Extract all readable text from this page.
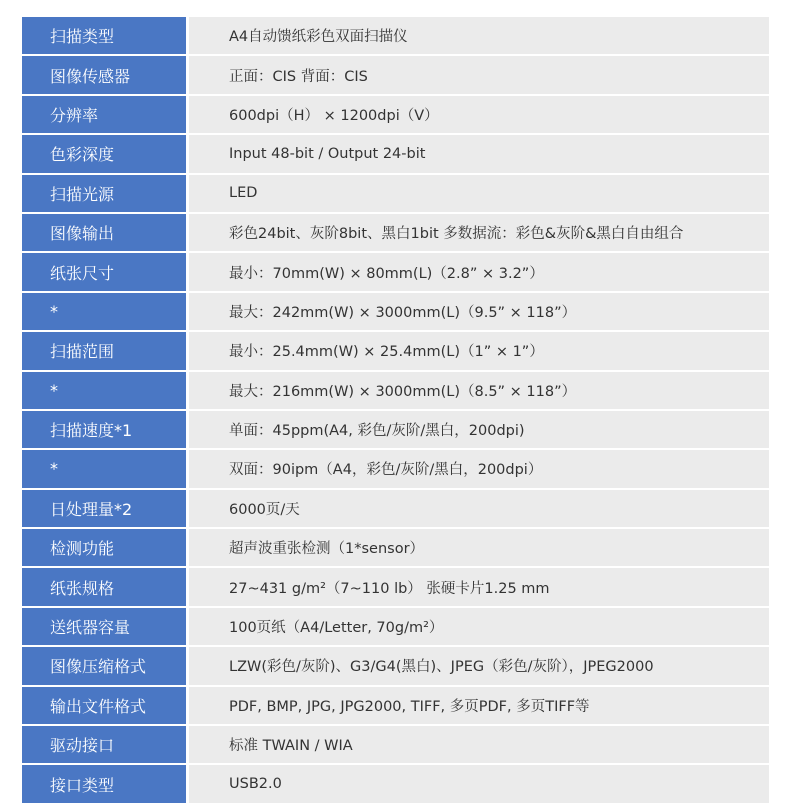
扫描类型	A4自动馈纸彩色双面扫描仪
图像传感器	正面：CIS 背面：CIS
分辨率	600dpi（H） × 1200dpi（V）
色彩深度	Input 48-bit / Output 24-bit
扫描光源	LED
图像输出	彩色24bit、灰阶8bit、黑白1bit 多数据流：彩色&灰阶&黑白自由组合
纸张尺寸	最小：70mm(W) × 80mm(L)（2.8” × 3.2”）
*	最大：242mm(W) × 3000mm(L)（9.5” × 118”）
扫描范围	最小：25.4mm(W) × 25.4mm(L)（1” × 1”）
*	最大：216mm(W) × 3000mm(L)（8.5” × 118”）
扫描速度*1	单面：45ppm(A4, 彩色/灰阶/黑白，200dpi)
*	双面：90ipm（A4，彩色/灰阶/黑白，200dpi）
日处理量*2	6000页/天
检测功能	超声波重张检测（1*sensor）
纸张规格	27~431 g/m²（7~110 lb） 张硬卡片1.25 mm
送纸器容量	100页纸（A4/Letter, 70g/m²）
图像压缩格式	LZW(彩色/灰阶)、G3/G4(黑白)、JPEG（彩色/灰阶），JPEG2000
输出文件格式	PDF, BMP, JPG, JPG2000, TIFF, 多页PDF, 多页TIFF等
驱动接口	标准 TWAIN / WIA
接口类型	USB2.0
